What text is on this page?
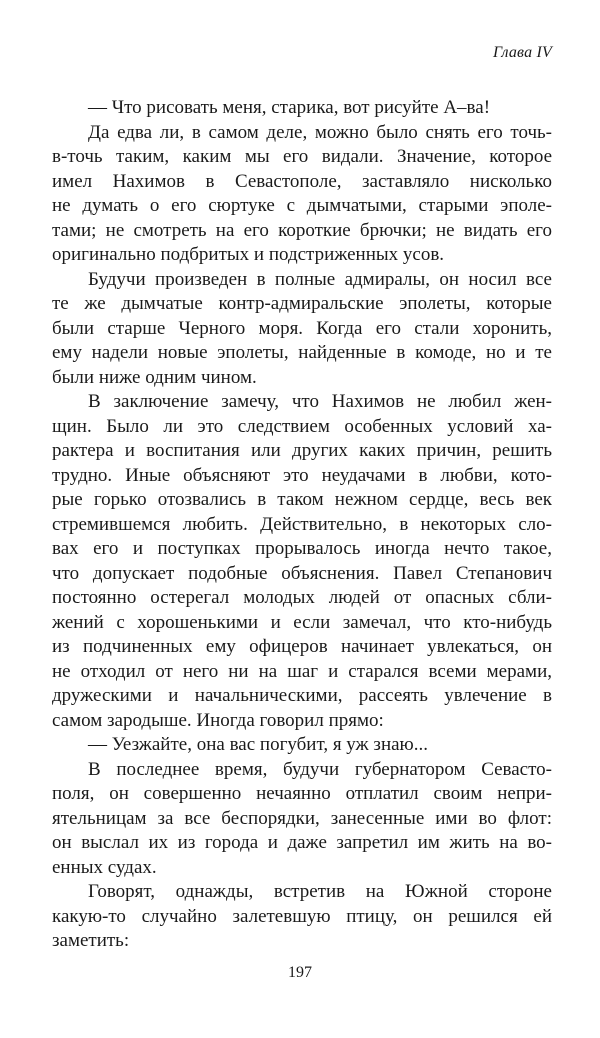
Глава IV
— Что рисовать меня, старика, вот рисуйте А–ва!
Да едва ли, в самом деле, можно было снять его точь-
в-точь таким, каким мы его видали. Значение, которое
имел Нахимов в Севастополе, заставляло нисколько
не думать о его сюртуке с дымчатыми, старыми эполе-
тами; не смотреть на его короткие брючки; не видать его
оригинально подбритых и подстриженных усов.
Будучи произведен в полные адмиралы, он носил все
те же дымчатые контр-адмиральские эполеты, которые
были старше Черного моря. Когда его стали хоронить,
ему надели новые эполеты, найденные в комоде, но и те
были ниже одним чином.
В заключение замечу, что Нахимов не любил жен-
щин. Было ли это следствием особенных условий ха-
рактера и воспитания или других каких причин, решить
трудно. Иные объясняют это неудачами в любви, кото-
рые горько отозвались в таком нежном сердце, весь век
стремившемся любить. Действительно, в некоторых сло-
вах его и поступках прорывалось иногда нечто такое,
что допускает подобные объяснения. Павел Степанович
постоянно остерегал молодых людей от опасных сбли-
жений с хорошенькими и если замечал, что кто-нибудь
из подчиненных ему офицеров начинает увлекаться, он
не отходил от него ни на шаг и старался всеми мерами,
дружескими и начальническими, рассеять увлечение в
самом зародыше. Иногда говорил прямо:
— Уезжайте, она вас погубит, я уж знаю...
В последнее время, будучи губернатором Севасто-
поля, он совершенно нечаянно отплатил своим непри-
ятельницам за все беспорядки, занесенные ими во флот:
он выслал их из города и даже запретил им жить на во-
енных судах.
Говорят, однажды, встретив на Южной стороне
какую-то случайно залетевшую птицу, он решился ей
заметить:
197
